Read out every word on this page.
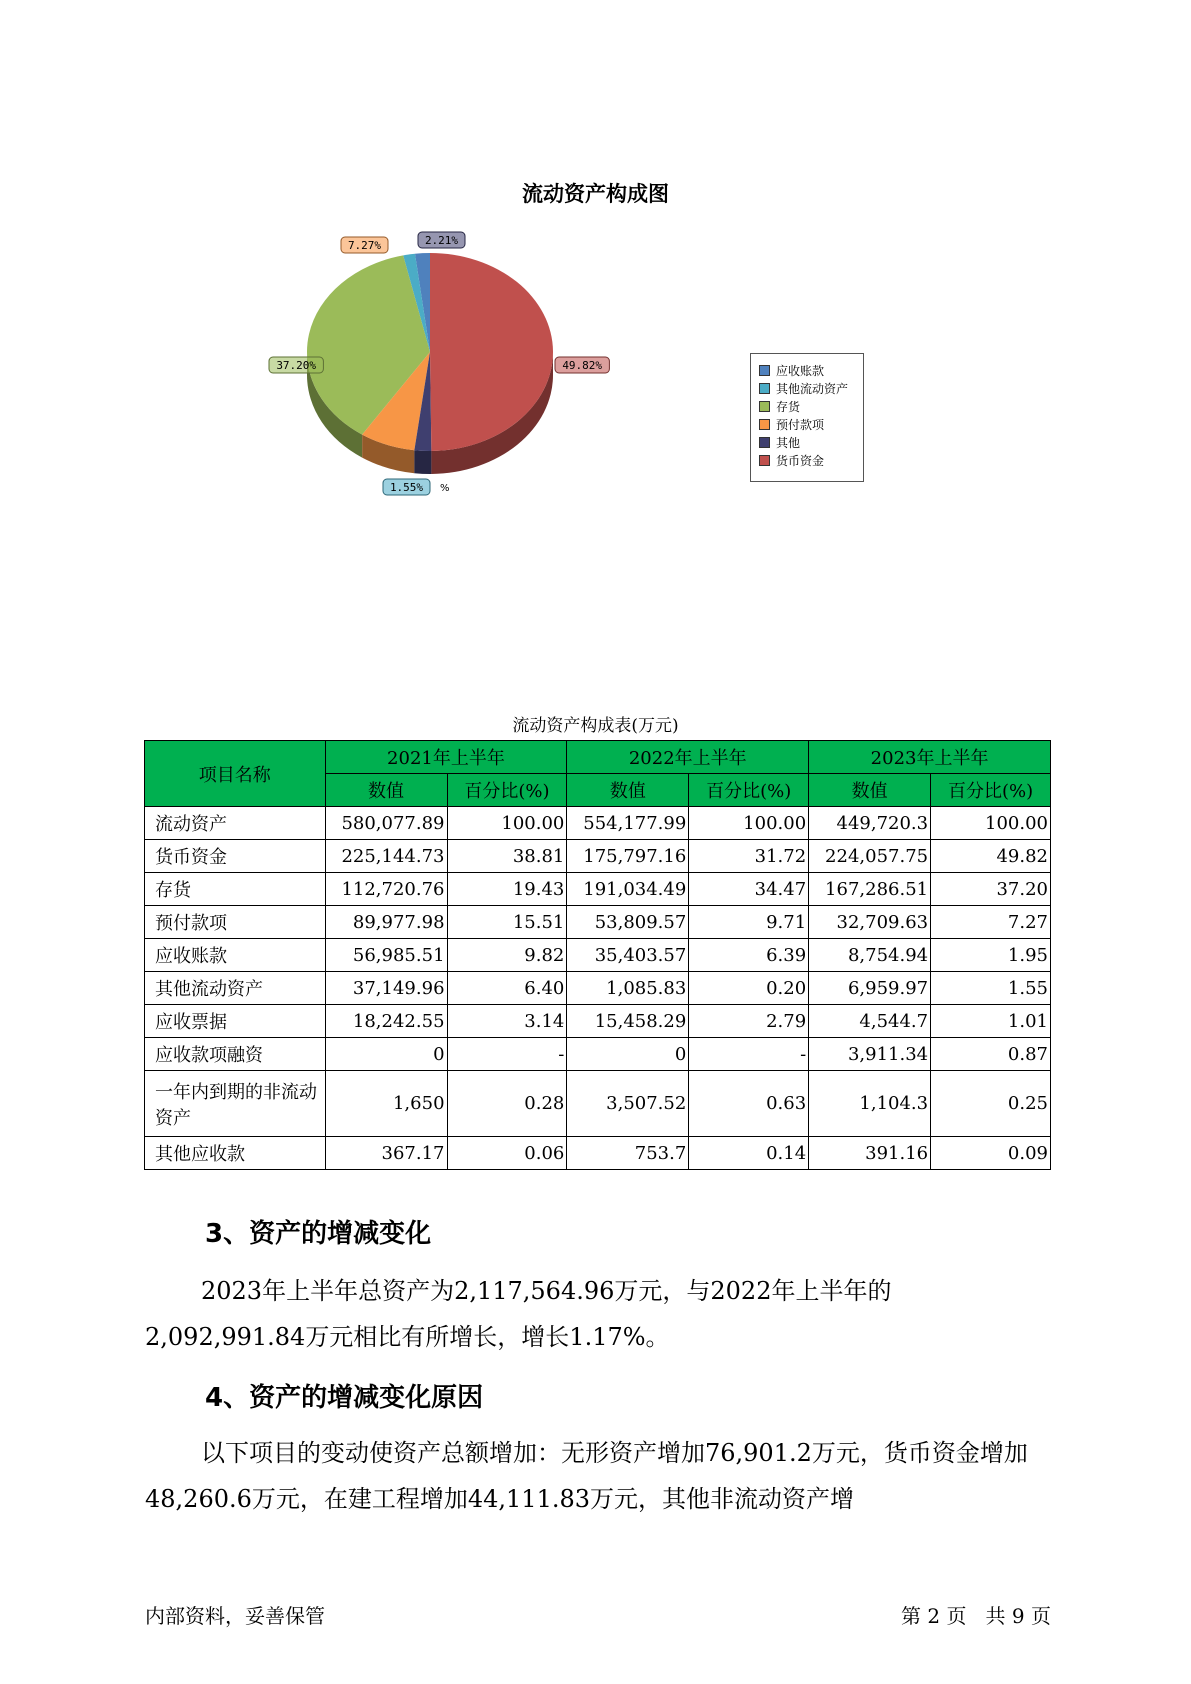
流动资产构成图
1.55%
37.20%
7.27%	2.21%
49.82%
%
应收账款
其他流动资产
存货
预付款项
其他
货币资金
流动资产构成表(万元)
项目名称	2021年上半年		2022年上半年		2023年上半年	
	数值	百分比(%)	数值	百分比(%)	数值	百分比(%)
流动资产	580,077.89	100.00	554,177.99	100.00	449,720.3	100.00
货币资金	225,144.73	38.81	175,797.16	31.72	224,057.75	49.82
存货	112,720.76	19.43	191,034.49	34.47	167,286.51	37.20
预付款项	89,977.98	15.51	53,809.57	9.71	32,709.63	7.27
应收账款	56,985.51	9.82	35,403.57	6.39	8,754.94	1.95
其他流动资产	37,149.96	6.40	1,085.83	0.20	6,959.97	1.55
应收票据	18,242.55	3.14	15,458.29	2.79	4,544.7	1.01
应收款项融资	0	-	0	-	3,911.34	0.87
一年内到期的非流动资产	1,650	0.28	3,507.52	0.63	1,104.3	0.25
其他应收款	367.17	0.06	753.7	0.14	391.16	0.09
3、资产的增减变化
2023年上半年总资产为2,117,564.96万元，与2022年上半年的2,092,991.84万元相比有所增长，增长1.17%。
4、资产的增减变化原因
以下项目的变动使资产总额增加：无形资产增加76,901.2万元，货币资金增加48,260.6万元，在建工程增加44,111.83万元，其他非流动资产增
内部资料，妥善保管	第 2 页   共 9 页
